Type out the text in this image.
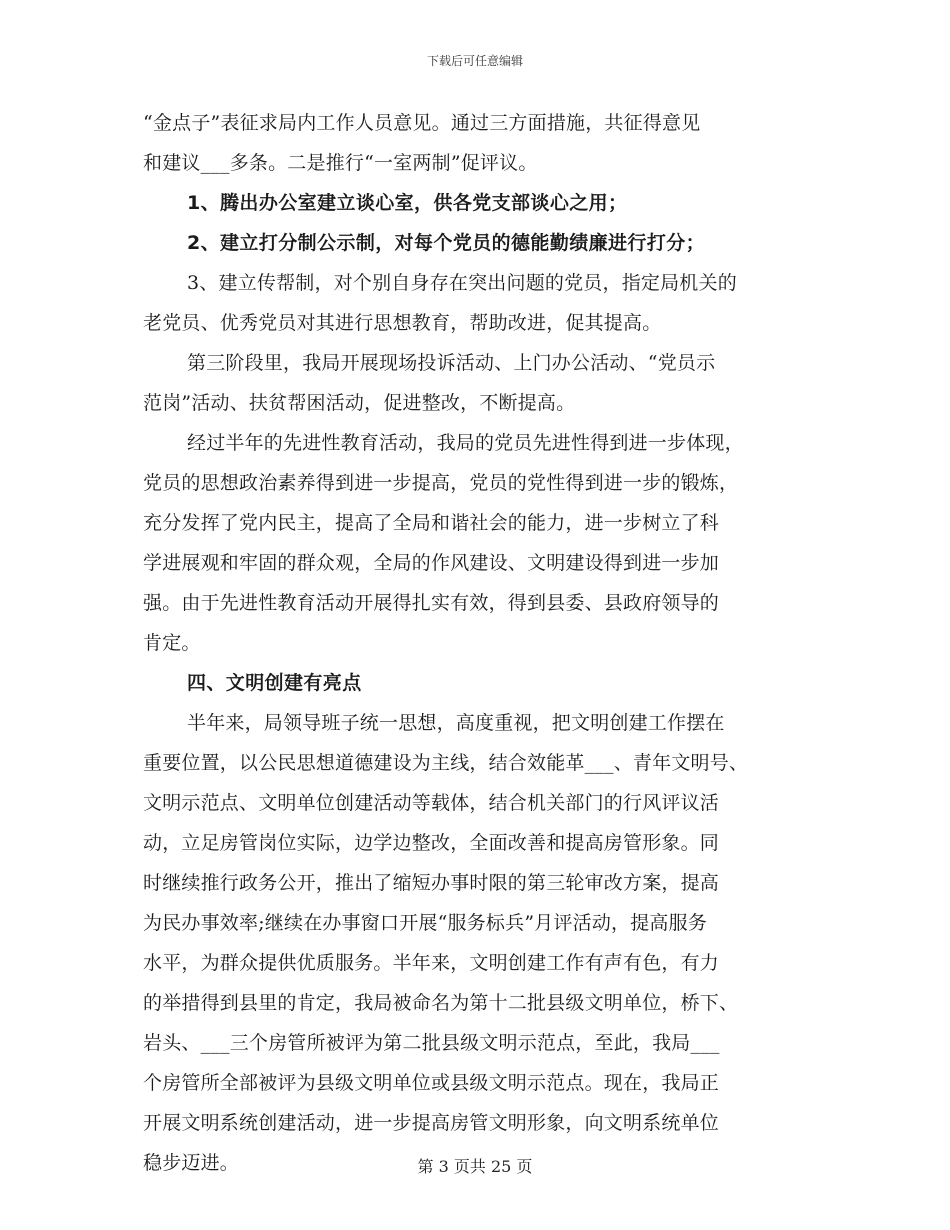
下载后可任意编辑
“金点子”表征求局内工作人员意见。通过三方面措施，共征得意见
和建议___多条。二是推行“一室两制”促评议。
1、腾出办公室建立谈心室，供各党支部谈心之用；
2、建立打分制公示制，对每个党员的德能勤绩廉进行打分；
3、建立传帮制，对个别自身存在突出问题的党员，指定局机关的
老党员、优秀党员对其进行思想教育，帮助改进，促其提高。
第三阶段里，我局开展现场投诉活动、上门办公活动、“党员示
范岗”活动、扶贫帮困活动，促进整改，不断提高。
经过半年的先进性教育活动，我局的党员先进性得到进一步体现，
党员的思想政治素养得到进一步提高，党员的党性得到进一步的锻炼，
充分发挥了党内民主，提高了全局和谐社会的能力，进一步树立了科
学进展观和牢固的群众观，全局的作风建设、文明建设得到进一步加
强。由于先进性教育活动开展得扎实有效，得到县委、县政府领导的
肯定。
四、文明创建有亮点
半年来，局领导班子统一思想，高度重视，把文明创建工作摆在
重要位置，以公民思想道德建设为主线，结合效能革___、青年文明号、
文明示范点、文明单位创建活动等载体，结合机关部门的行风评议活
动，立足房管岗位实际，边学边整改，全面改善和提高房管形象。同
时继续推行政务公开，推出了缩短办事时限的第三轮审改方案，提高
为民办事效率;继续在办事窗口开展“服务标兵”月评活动，提高服务
水平，为群众提供优质服务。半年来，文明创建工作有声有色，有力
的举措得到县里的肯定，我局被命名为第十二批县级文明单位，桥下、
岩头、___三个房管所被评为第二批县级文明示范点，至此，我局___
个房管所全部被评为县级文明单位或县级文明示范点。现在，我局正
开展文明系统创建活动，进一步提高房管文明形象，向文明系统单位
稳步迈进。	第 3 页共 25 页
